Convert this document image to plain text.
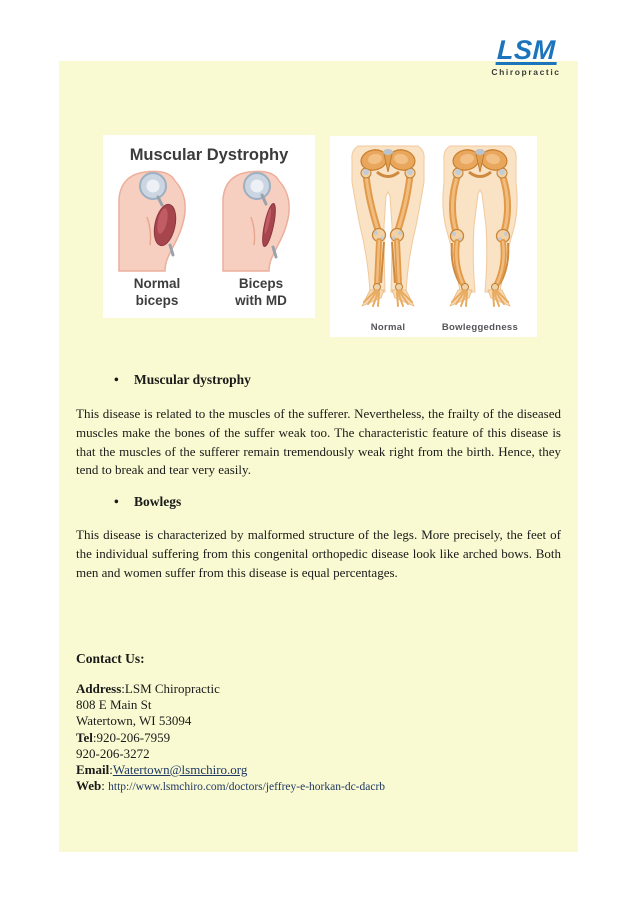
LSM
Chiropractic
Muscular Dystrophy
Normal
biceps
Biceps
with MD
Normal	Bowleggedness
• Muscular dystrophy
This disease is related to the muscles of the sufferer. Nevertheless, the frailty of the diseased muscles make the bones of the suffer weak too. The characteristic feature of this disease is that the muscles of the sufferer remain tremendously weak right from the birth. Hence, they tend to break and tear very easily.
• Bowlegs
This disease is characterized by malformed structure of the legs. More precisely, the feet of the individual suffering from this congenital orthopedic disease look like arched bows. Both men and women suffer from this disease is equal percentages.
Contact Us:
Address:LSM Chiropractic
808 E Main St
Watertown, WI 53094
Tel:920-206-7959
920-206-3272
Email:Watertown@lsmchiro.org
Web: http://www.lsmchiro.com/doctors/jeffrey-e-horkan-dc-dacrb
